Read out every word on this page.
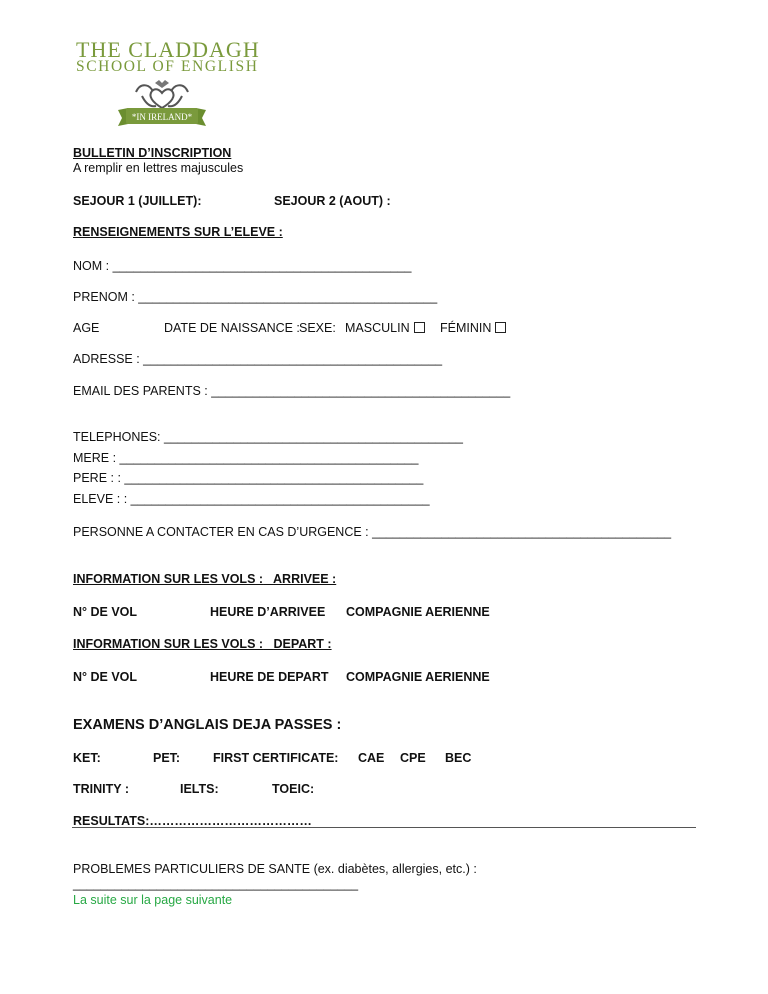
THE CLADDAGH
SCHOOL OF ENGLISH
*IN IRELAND*
BULLETIN D’INSCRIPTION
A remplir en lettres majuscules
SEJOUR 1 (JUILLET):	SEJOUR 2 (AOUT) :
RENSEIGNEMENTS SUR L’ELEVE :
NOM : ___________________________________________
PRENOM : ___________________________________________
AGE	DATE DE NAISSANCE : SEXE: MASCULIN	FÉMININ
ADRESSE : ___________________________________________
EMAIL DES PARENTS : ___________________________________________
TELEPHONES: ___________________________________________
MERE : ___________________________________________
PERE : : ___________________________________________
ELEVE : : ___________________________________________
PERSONNE A CONTACTER EN CAS D’URGENCE : ___________________________________________
INFORMATION SUR LES VOLS : ARRIVEE :
N° DE VOL	HEURE D’ARRIVEE COMPAGNIE AERIENNE
INFORMATION SUR LES VOLS : DEPART :
N° DE VOL	HEURE DE DEPART COMPAGNIE AERIENNE
EXAMENS D’ANGLAIS DEJA PASSES :
KET:	PET:	FIRST CERTIFICATE: CAE CPE BEC
TRINITY :	IELTS:	TOEIC:
RESULTATS:…………………………………
PROBLEMES PARTICULIERS DE SANTE (ex. diabètes, allergies, etc.) :
_________________________________________
La suite sur la page suivante
